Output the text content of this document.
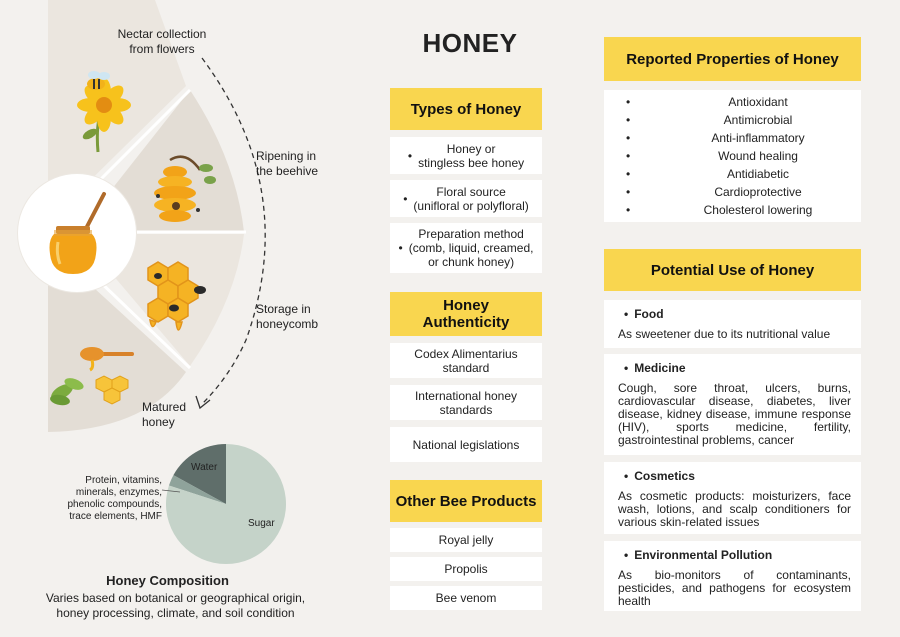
Nectar collection
from flowers
Ripening in
the beehive
Storage in
honeycomb
Matured
honey
Water
Sugar
Protein, vitamins,
minerals, enzymes,
phenolic compounds,
trace elements, HMF
Honey Composition
Varies based on botanical or geographical origin,
honey processing, climate, and soil condition
HONEY
Types of Honey
•	Honey or
stingless bee honey
•	Floral source
(unifloral or polyfloral)
•
Preparation method
(comb, liquid, creamed,
or chunk honey)
Honey
Authenticity
Codex Alimentarius
standard
International honey
standards
National legislations
Other Bee Products
Royal jelly
Propolis
Bee venom
Reported Properties of Honey
•	Antioxidant
•	Antimicrobial
•	Anti-inflammatory
•	Wound healing
•	Antidiabetic
•	Cardioprotective
•	Cholesterol lowering
Potential Use of Honey
• Food
As sweetener due to its nutritional value
• Medicine
Cough, sore throat, ulcers, burns, cardiovascular disease, diabetes, liver disease, kidney disease, immune response (HIV), sports medicine, fertility, gastrointestinal problems, cancer
• Cosmetics
As cosmetic products: moisturizers, face wash, lotions, and scalp conditioners for various skin-related issues
• Environmental Pollution
As bio-monitors of contaminants, pesticides, and pathogens for ecosystem health
